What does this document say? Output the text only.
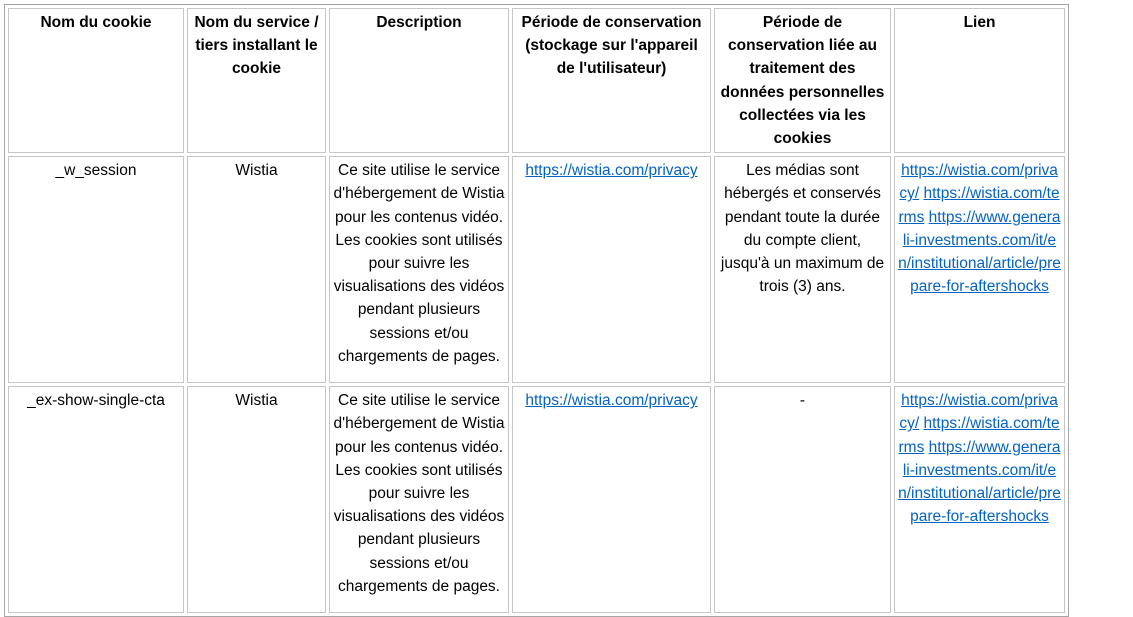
Nom du cookie	Nom du service / tiers installant le cookie	Description	Période de conservation (stockage sur l'appareil de l'utilisateur)	Période de conservation liée au traitement des données personnelles collectées via les cookies	Lien
_w_session	Wistia	Ce site utilise le service d'hébergement de Wistia pour les contenus vidéo. Les cookies sont utilisés pour suivre les visualisations des vidéos pendant plusieurs sessions et/ou chargements de pages.	https://wistia.com/privacy	Les médias sont hébergés et conservés pendant toute la durée du compte client, jusqu'à un maximum de trois (3) ans.	https://wistia.com/privacy/ https://wistia.com/terms https://www.generali-investments.com/it/en/institutional/article/prepare-for-aftershocks
_ex-show-single-cta	Wistia	Ce site utilise le service d'hébergement de Wistia pour les contenus vidéo. Les cookies sont utilisés pour suivre les visualisations des vidéos pendant plusieurs sessions et/ou chargements de pages.	https://wistia.com/privacy	-	https://wistia.com/privacy/ https://wistia.com/terms https://www.generali-investments.com/it/en/institutional/article/prepare-for-aftershocks
